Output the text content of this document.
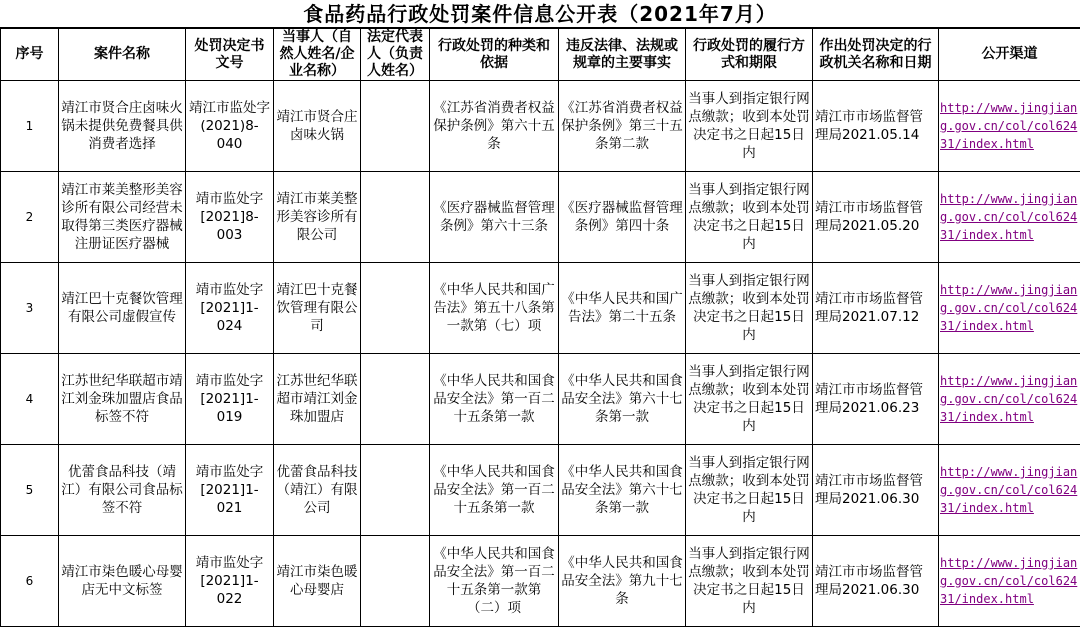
食品药品行政处罚案件信息公开表（2021年7月）
序号	案件名称	处罚决定书文号	当事人（自然人姓名/企业名称）	法定代表人（负责人姓名）	行政处罚的种类和依据	违反法律、法规或规章的主要事实	行政处罚的履行方式和期限	作出处罚决定的行政机关名称和日期	公开渠道
1	靖江市贤合庄卤味火锅未提供免费餐具供消费者选择	靖江市监处字(2021)8-040	靖江市贤合庄卤味火锅		《江苏省消费者权益保护条例》第六十五条	《江苏省消费者权益保护条例》第三十五条第二款	当事人到指定银行网点缴款；收到本处罚决定书之日起15日内	靖江市市场监督管理局2021.05.14	http://www.jingjiang.gov.cn/col/col62431/index.html
2	靖江市莱美整形美容诊所有限公司经营未取得第三类医疗器械注册证医疗器械	靖市监处字[2021]8-003	靖江市莱美整形美容诊所有限公司		《医疗器械监督管理条例》第六十三条	《医疗器械监督管理条例》第四十条	当事人到指定银行网点缴款；收到本处罚决定书之日起15日内	靖江市市场监督管理局2021.05.20	http://www.jingjiang.gov.cn/col/col62431/index.html
3	靖江巴十克餐饮管理有限公司虚假宣传	靖市监处字[2021]1-024	靖江巴十克餐饮管理有限公司		《中华人民共和国广告法》第五十八条第一款第（七）项	《中华人民共和国广告法》第二十五条	当事人到指定银行网点缴款；收到本处罚决定书之日起15日内	靖江市市场监督管理局2021.07.12	http://www.jingjiang.gov.cn/col/col62431/index.html
4	江苏世纪华联超市靖江刘金珠加盟店食品标签不符	靖市监处字[2021]1-019	江苏世纪华联超市靖江刘金珠加盟店		《中华人民共和国食品安全法》第一百二十五条第一款	《中华人民共和国食品安全法》第六十七条第一款	当事人到指定银行网点缴款；收到本处罚决定书之日起15日内	靖江市市场监督管理局2021.06.23	http://www.jingjiang.gov.cn/col/col62431/index.html
5	优蕾食品科技（靖江）有限公司食品标签不符	靖市监处字[2021]1-021	优蕾食品科技（靖江）有限公司		《中华人民共和国食品安全法》第一百二十五条第一款	《中华人民共和国食品安全法》第六十七条第一款	当事人到指定银行网点缴款；收到本处罚决定书之日起15日内	靖江市市场监督管理局2021.06.30	http://www.jingjiang.gov.cn/col/col62431/index.html
6	靖江市柒色暖心母婴店无中文标签	靖市监处字[2021]1-022	靖江市柒色暖心母婴店		《中华人民共和国食品安全法》第一百二十五条第一款第（二）项	《中华人民共和国食品安全法》第九十七条	当事人到指定银行网点缴款；收到本处罚决定书之日起15日内	靖江市市场监督管理局2021.06.30	http://www.jingjiang.gov.cn/col/col62431/index.html
